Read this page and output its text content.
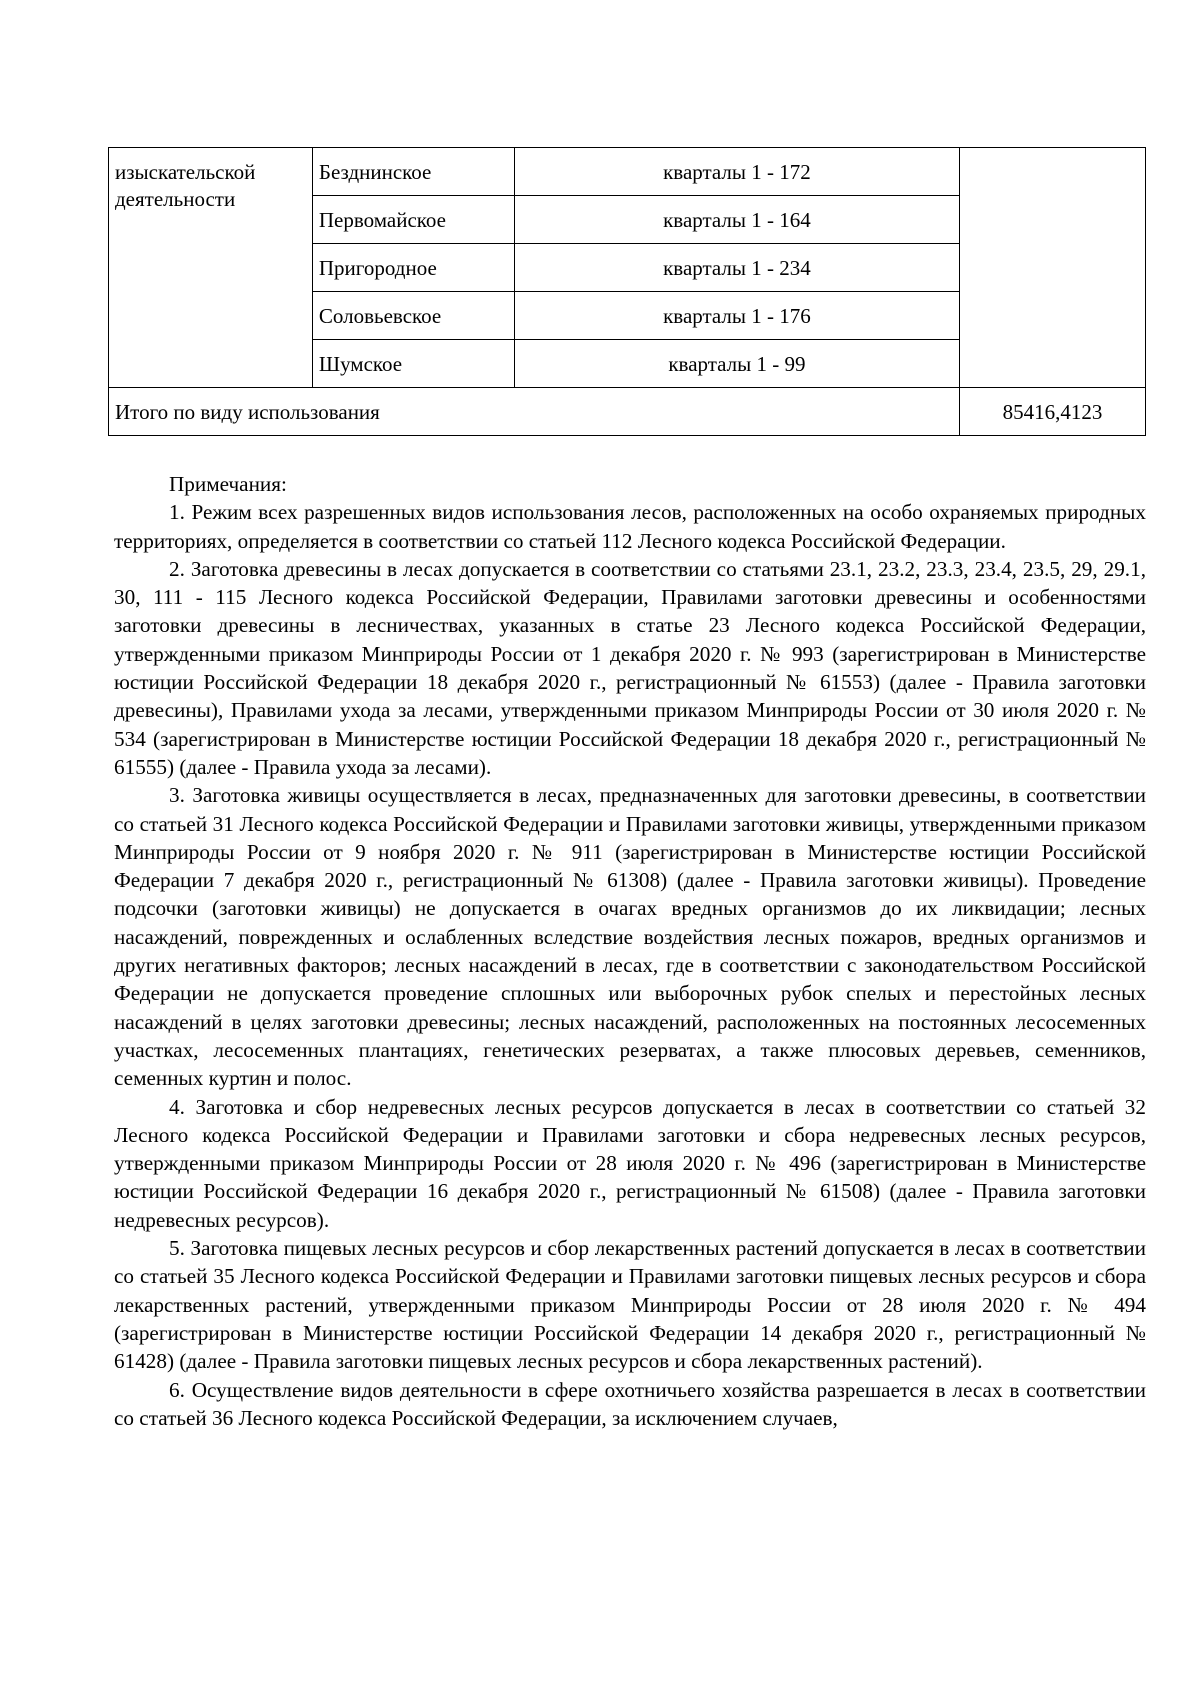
изыскательской деятельности	Безднинское	кварталы 1 - 172	
	Первомайское	кварталы 1 - 164	
	Пригородное	кварталы 1 - 234	
	Соловьевское	кварталы 1 - 176	
	Шумское	кварталы 1 - 99	
Итого по виду использования			85416,4123

Примечания:

1. Режим всех разрешенных видов использования лесов, расположенных на особо охраняемых природных территориях, определяется в соответствии со статьей 112 Лесного кодекса Российской Федерации.

2. Заготовка древесины в лесах допускается в соответствии со статьями 23.1, 23.2, 23.3, 23.4, 23.5, 29, 29.1, 30, 111 - 115 Лесного кодекса Российской Федерации, Правилами заготовки древесины и особенностями заготовки древесины в лесничествах, указанных в статье 23 Лесного кодекса Российской Федерации, утвержденными приказом Минприроды России от 1 декабря 2020 г. № 993 (зарегистрирован в Министерстве юстиции Российской Федерации 18 декабря 2020 г., регистрационный № 61553) (далее - Правила заготовки древесины), Правилами ухода за лесами, утвержденными приказом Минприроды России от 30 июля 2020 г. № 534 (зарегистрирован в Министерстве юстиции Российской Федерации 18 декабря 2020 г., регистрационный № 61555) (далее - Правила ухода за лесами).

3. Заготовка живицы осуществляется в лесах, предназначенных для заготовки древесины, в соответствии со статьей 31 Лесного кодекса Российской Федерации и Правилами заготовки живицы, утвержденными приказом Минприроды России от 9 ноября 2020 г. № 911 (зарегистрирован в Министерстве юстиции Российской Федерации 7 декабря 2020 г., регистрационный № 61308) (далее - Правила заготовки живицы). Проведение подсочки (заготовки живицы) не допускается в очагах вредных организмов до их ликвидации; лесных насаждений, поврежденных и ослабленных вследствие воздействия лесных пожаров, вредных организмов и других негативных факторов; лесных насаждений в лесах, где в соответствии с законодательством Российской Федерации не допускается проведение сплошных или выборочных рубок спелых и перестойных лесных насаждений в целях заготовки древесины; лесных насаждений, расположенных на постоянных лесосеменных участках, лесосеменных плантациях, генетических резерватах, а также плюсовых деревьев, семенников, семенных куртин и полос.

4. Заготовка и сбор недревесных лесных ресурсов допускается в лесах в соответствии со статьей 32 Лесного кодекса Российской Федерации и Правилами заготовки и сбора недревесных лесных ресурсов, утвержденными приказом Минприроды России от 28 июля 2020 г. № 496 (зарегистрирован в Министерстве юстиции Российской Федерации 16 декабря 2020 г., регистрационный № 61508) (далее - Правила заготовки недревесных ресурсов).

5. Заготовка пищевых лесных ресурсов и сбор лекарственных растений допускается в лесах в соответствии со статьей 35 Лесного кодекса Российской Федерации и Правилами заготовки пищевых лесных ресурсов и сбора лекарственных растений, утвержденными приказом Минприроды России от 28 июля 2020 г. № 494 (зарегистрирован в Министерстве юстиции Российской Федерации 14 декабря 2020 г., регистрационный № 61428) (далее - Правила заготовки пищевых лесных ресурсов и сбора лекарственных растений).

6. Осуществление видов деятельности в сфере охотничьего хозяйства разрешается в лесах в соответствии со статьей 36 Лесного кодекса Российской Федерации, за исключением случаев,
